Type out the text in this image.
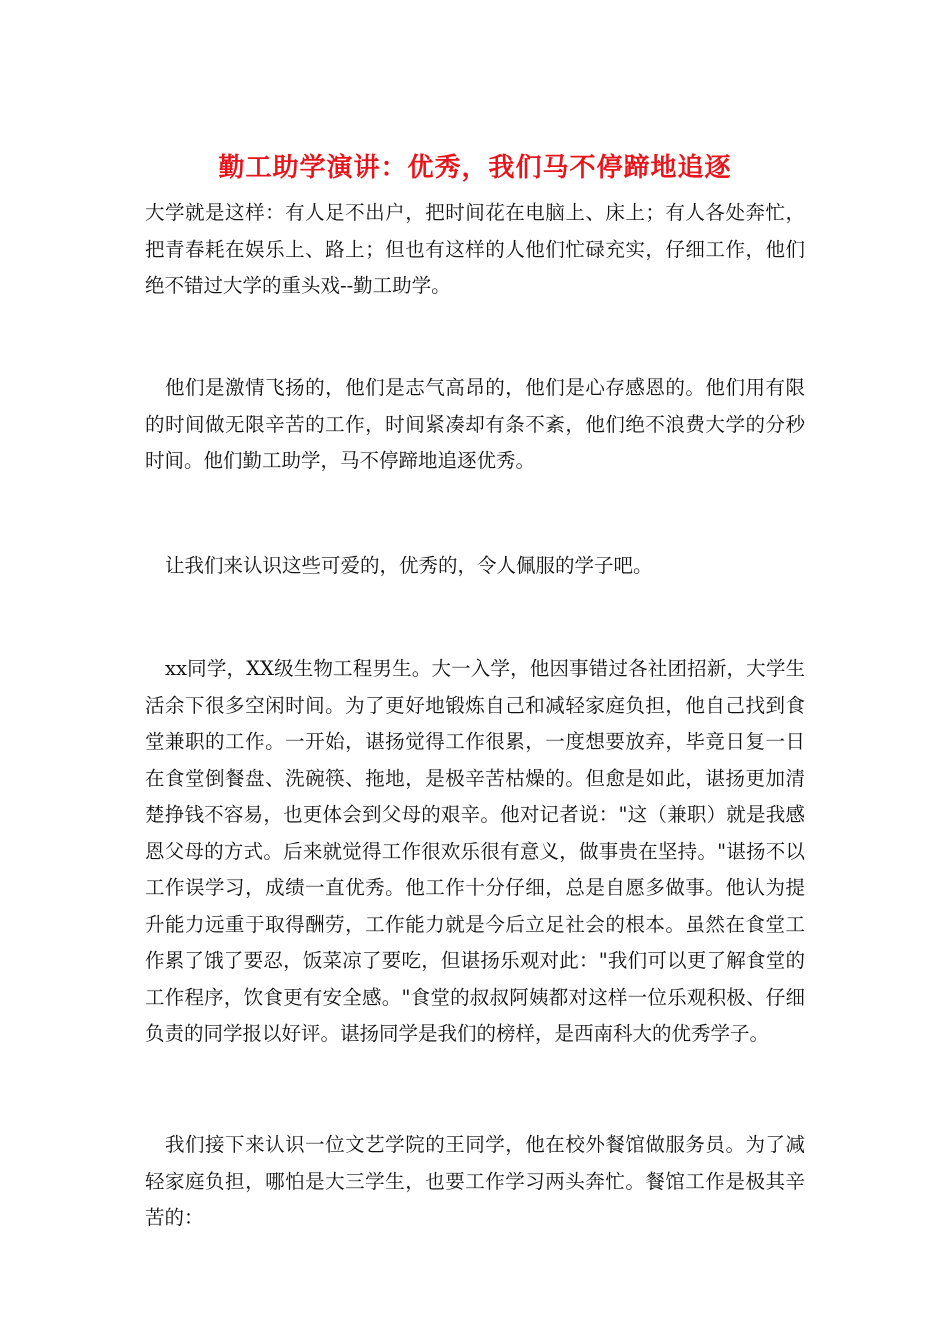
勤工助学演讲：优秀，我们马不停蹄地追逐

大学就是这样：有人足不出户，把时间花在电脑上、床上；有人各处奔忙，把青春耗在娱乐上、路上；但也有这样的人他们忙碌充实，仔细工作，他们绝不错过大学的重头戏--勤工助学。

他们是激情飞扬的，他们是志气高昂的，他们是心存感恩的。他们用有限的时间做无限辛苦的工作，时间紧凑却有条不紊，他们绝不浪费大学的分秒时间。他们勤工助学，马不停蹄地追逐优秀。

让我们来认识这些可爱的，优秀的，令人佩服的学子吧。

xx同学，XX级生物工程男生。大一入学，他因事错过各社团招新，大学生活余下很多空闲时间。为了更好地锻炼自己和减轻家庭负担，他自己找到食堂兼职的工作。一开始，谌扬觉得工作很累，一度想要放弃，毕竟日复一日在食堂倒餐盘、洗碗筷、拖地，是极辛苦枯燥的。但愈是如此，谌扬更加清楚挣钱不容易，也更体会到父母的艰辛。他对记者说："这（兼职）就是我感恩父母的方式。后来就觉得工作很欢乐很有意义，做事贵在坚持。"谌扬不以工作误学习，成绩一直优秀。他工作十分仔细，总是自愿多做事。他认为提升能力远重于取得酬劳，工作能力就是今后立足社会的根本。虽然在食堂工作累了饿了要忍，饭菜凉了要吃，但谌扬乐观对此："我们可以更了解食堂的工作程序，饮食更有安全感。"食堂的叔叔阿姨都对这样一位乐观积极、仔细负责的同学报以好评。谌扬同学是我们的榜样，是西南科大的优秀学子。

我们接下来认识一位文艺学院的王同学，他在校外餐馆做服务员。为了减轻家庭负担，哪怕是大三学生，也要工作学习两头奔忙。餐馆工作是极其辛苦的：
